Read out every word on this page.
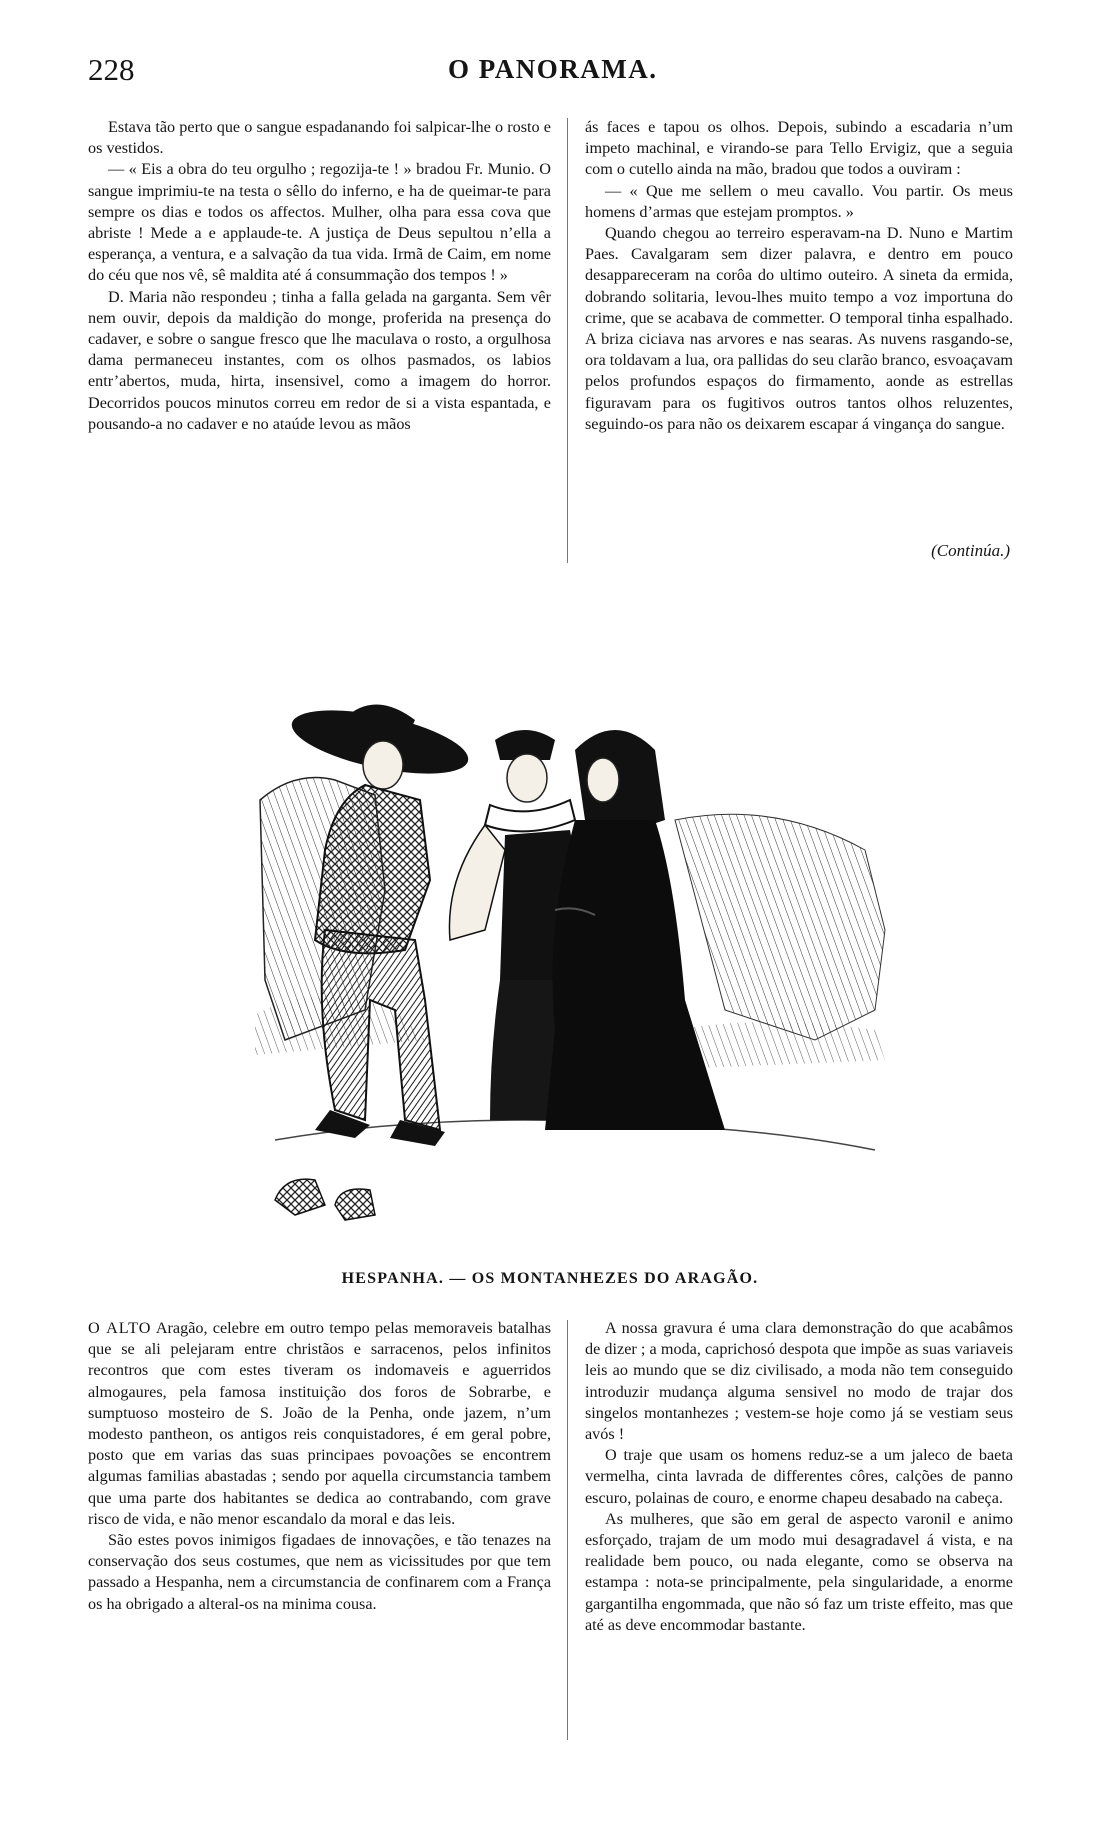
228	O PANORAMA.

Estava tão perto que o sangue espadanando foi salpicar-lhe o rosto e os vestidos.

— « Eis a obra do teu orgulho ; regozija-te ! » bradou Fr. Munio. O sangue imprimiu-te na testa o sêllo do inferno, e ha de queimar-te para sempre os dias e todos os affectos. Mulher, olha para essa cova que abriste ! Mede a e applaude-te. A justiça de Deus sepultou n’ella a esperança, a ventura, e a salvação da tua vida. Irmã de Caim, em nome do céu que nos vê, sê maldita até á consummação dos tempos ! »

D. Maria não respondeu ; tinha a falla gelada na garganta. Sem vêr nem ouvir, depois da maldição do monge, proferida na presença do cadaver, e sobre o sangue fresco que lhe maculava o rosto, a orgulhosa dama permaneceu instantes, com os olhos pasmados, os labios entr’abertos, muda, hirta, insensivel, como a imagem do horror. Decorridos poucos minutos correu em redor de si a vista espantada, e pousando-a no cadaver e no ataúde levou as mãos

ás faces e tapou os olhos. Depois, subindo a escadaria n’um impeto machinal, e virando-se para Tello Ervigiz, que a seguia com o cutello ainda na mão, bradou que todos a ouviram :

— « Que me sellem o meu cavallo. Vou partir. Os meus homens d’armas que estejam promptos. »

Quando chegou ao terreiro esperavam-na D. Nuno e Martim Paes. Cavalgaram sem dizer palavra, e dentro em pouco desappareceram na corôa do ultimo outeiro. A sineta da ermida, dobrando solitaria, levou-lhes muito tempo a voz importuna do crime, que se acabava de commetter. O temporal tinha espalhado. A briza ciciava nas arvores e nas searas. As nuvens rasgando-se, ora toldavam a lua, ora pallidas do seu clarão branco, esvoaçavam pelos profundos espaços do firmamento, aonde as estrellas figuravam para os fugitivos outros tantos olhos reluzentes, seguindo-os para não os deixarem escapar á vingança do sangue.

(Continúa.)
HESPANHA. — OS MONTANHEZES DO ARAGÃO.

O ALTO Aragão, celebre em outro tempo pelas memoraveis batalhas que se ali pelejaram entre christãos e sarracenos, pelos infinitos recontros que com estes tiveram os indomaveis e aguerridos almogaures, pela famosa instituição dos foros de Sobrarbe, e sumptuoso mosteiro de S. João de la Penha, onde jazem, n’um modesto pantheon, os antigos reis conquistadores, é em geral pobre, posto que em varias das suas principaes povoações se encontrem algumas familias abastadas ; sendo por aquella circumstancia tambem que uma parte dos habitantes se dedica ao contrabando, com grave risco de vida, e não menor escandalo da moral e das leis.

São estes povos inimigos figadaes de innovações, e tão tenazes na conservação dos seus costumes, que nem as vicissitudes por que tem passado a Hespanha, nem a circumstancia de confinarem com a França os ha obrigado a alteral-os na minima cousa.

A nossa gravura é uma clara demonstração do que acabâmos de dizer ; a moda, caprichosó despota que impõe as suas variaveis leis ao mundo que se diz civilisado, a moda não tem conseguido introduzir mudança alguma sensivel no modo de trajar dos singelos montanhezes ; vestem-se hoje como já se vestiam seus avós !

O traje que usam os homens reduz-se a um jaleco de baeta vermelha, cinta lavrada de differentes côres, calções de panno escuro, polainas de couro, e enorme chapeu desabado na cabeça.

As mulheres, que são em geral de aspecto varonil e animo esforçado, trajam de um modo mui desagradavel á vista, e na realidade bem pouco, ou nada elegante, como se observa na estampa : nota-se principalmente, pela singularidade, a enorme gargantilha engommada, que não só faz um triste effeito, mas que até as deve encommodar bastante.
